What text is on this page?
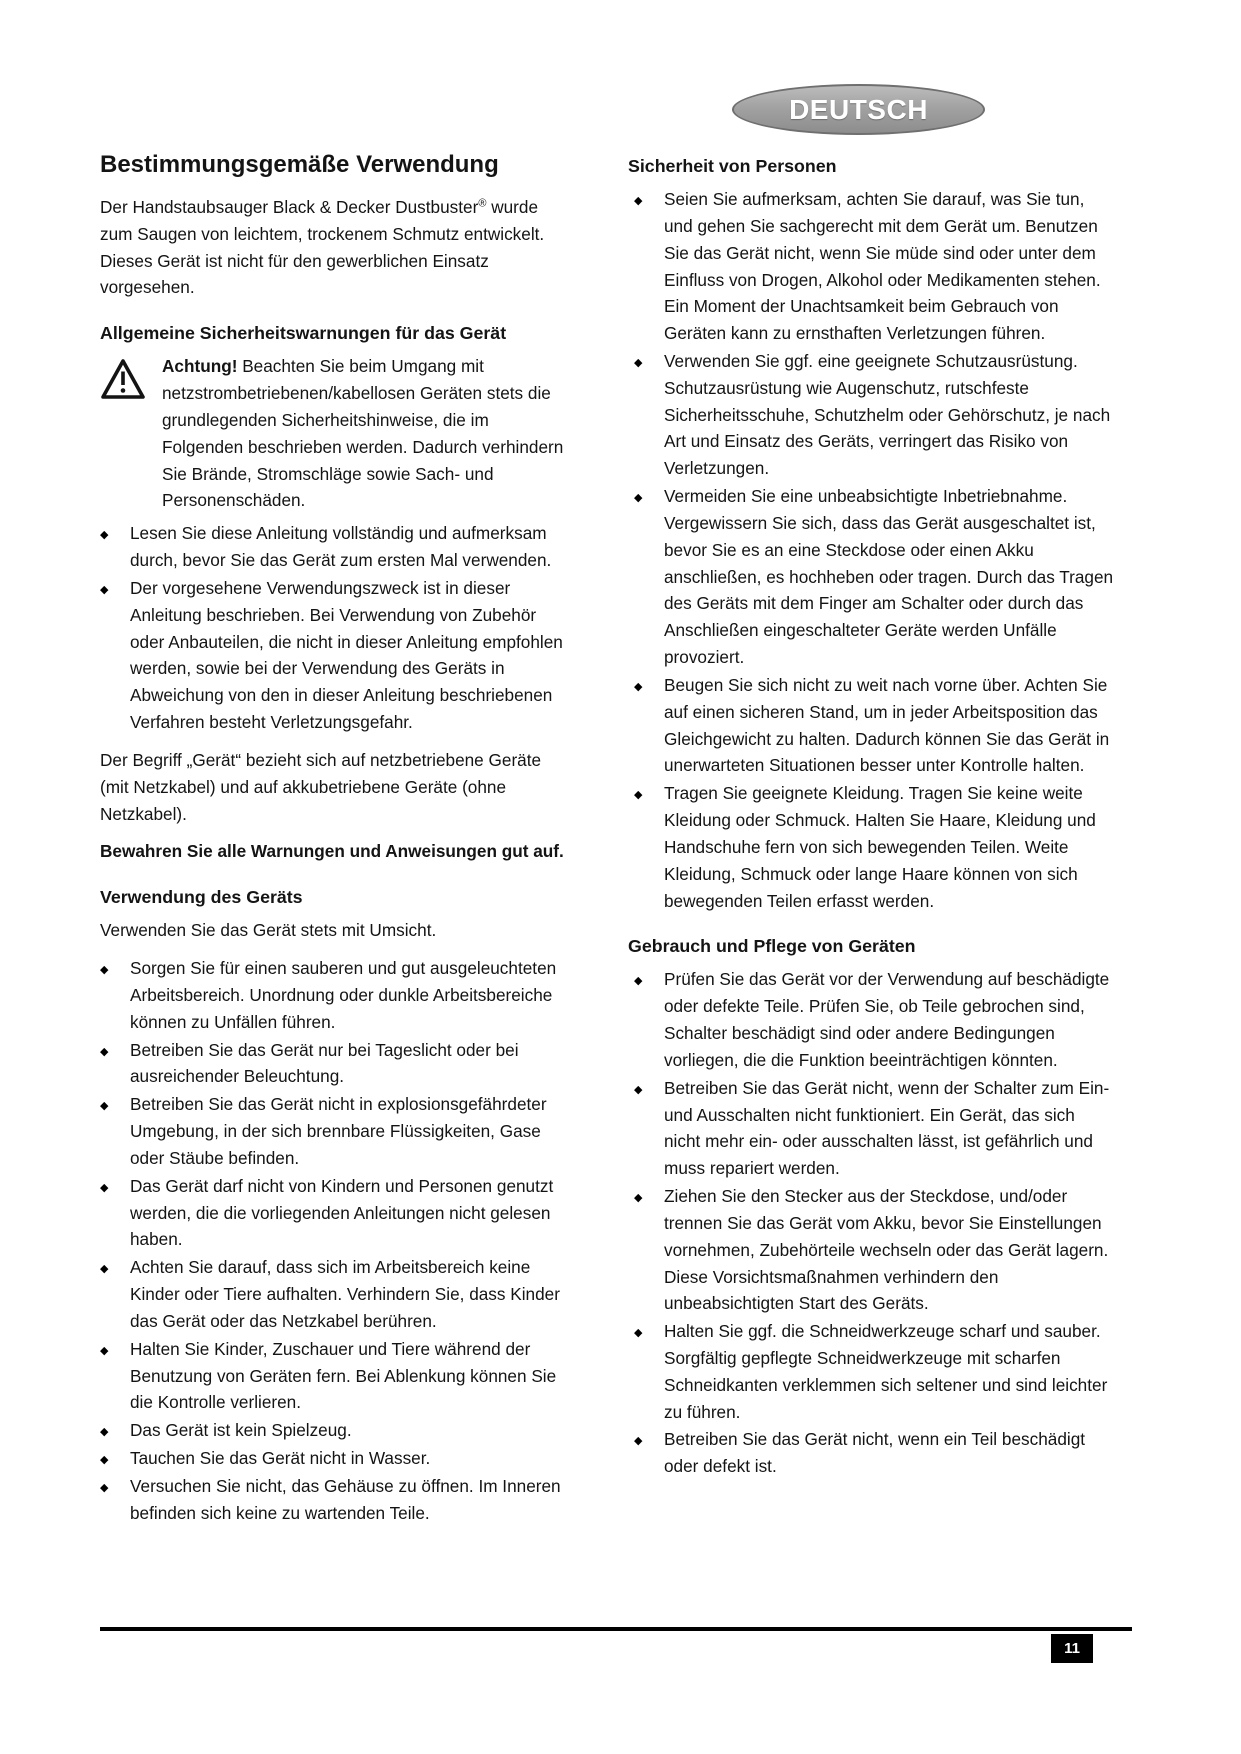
DEUTSCH
Bestimmungsgemäße Verwendung

Der Handstaubsauger Black & Decker Dustbuster® wurde zum Saugen von leichtem, trockenem Schmutz entwickelt. Dieses Gerät ist nicht für den gewerblichen Einsatz vorgesehen.

Allgemeine Sicherheitswarnungen für das Gerät

Achtung! Beachten Sie beim Umgang mit netzstrombetriebenen/kabellosen Geräten stets die grundlegenden Sicherheitshinweise, die im Folgenden beschrieben werden. Dadurch verhindern Sie Brände, Stromschläge sowie Sach- und Personenschäden.

◆	Lesen Sie diese Anleitung vollständig und aufmerksam durch, bevor Sie das Gerät zum ersten Mal verwenden.
◆	Der vorgesehene Verwendungszweck ist in dieser Anleitung beschrieben. Bei Verwendung von Zubehör oder Anbauteilen, die nicht in dieser Anleitung empfohlen werden, sowie bei der Verwendung des Geräts in Abweichung von den in dieser Anleitung beschriebenen Verfahren besteht Verletzungsgefahr.

Der Begriff „Gerät“ bezieht sich auf netzbetriebene Geräte (mit Netzkabel) und auf akkubetriebene Geräte (ohne Netzkabel).

Bewahren Sie alle Warnungen und Anweisungen gut auf.

Verwendung des Geräts

Verwenden Sie das Gerät stets mit Umsicht.

◆	Sorgen Sie für einen sauberen und gut ausgeleuchteten Arbeitsbereich. Unordnung oder dunkle Arbeitsbereiche können zu Unfällen führen.
◆	Betreiben Sie das Gerät nur bei Tageslicht oder bei ausreichender Beleuchtung.
◆	Betreiben Sie das Gerät nicht in explosionsgefährdeter Umgebung, in der sich brennbare Flüssigkeiten, Gase oder Stäube befinden.
◆	Das Gerät darf nicht von Kindern und Personen genutzt werden, die die vorliegenden Anleitungen nicht gelesen haben.
◆	Achten Sie darauf, dass sich im Arbeitsbereich keine Kinder oder Tiere aufhalten. Verhindern Sie, dass Kinder das Gerät oder das Netzkabel berühren.
◆	Halten Sie Kinder, Zuschauer und Tiere während der Benutzung von Geräten fern. Bei Ablenkung können Sie die Kontrolle verlieren.
◆	Das Gerät ist kein Spielzeug.
◆	Tauchen Sie das Gerät nicht in Wasser.
◆	Versuchen Sie nicht, das Gehäuse zu öffnen. Im Inneren befinden sich keine zu wartenden Teile.
Sicherheit von Personen
◆	Seien Sie aufmerksam, achten Sie darauf, was Sie tun, und gehen Sie sachgerecht mit dem Gerät um. Benutzen Sie das Gerät nicht, wenn Sie müde sind oder unter dem Einfluss von Drogen, Alkohol oder Medikamenten stehen. Ein Moment der Unachtsamkeit beim Gebrauch von Geräten kann zu ernsthaften Verletzungen führen.
◆	Verwenden Sie ggf. eine geeignete Schutzausrüstung. Schutzausrüstung wie Augenschutz, rutschfeste Sicherheitsschuhe, Schutzhelm oder Gehörschutz, je nach Art und Einsatz des Geräts, verringert das Risiko von Verletzungen.
◆	Vermeiden Sie eine unbeabsichtigte Inbetriebnahme. Vergewissern Sie sich, dass das Gerät ausgeschaltet ist, bevor Sie es an eine Steckdose oder einen Akku anschließen, es hochheben oder tragen. Durch das Tragen des Geräts mit dem Finger am Schalter oder durch das Anschließen eingeschalteter Geräte werden Unfälle provoziert.
◆	Beugen Sie sich nicht zu weit nach vorne über. Achten Sie auf einen sicheren Stand, um in jeder Arbeitsposition das Gleichgewicht zu halten. Dadurch können Sie das Gerät in unerwarteten Situationen besser unter Kontrolle halten.
◆	Tragen Sie geeignete Kleidung. Tragen Sie keine weite Kleidung oder Schmuck. Halten Sie Haare, Kleidung und Handschuhe fern von sich bewegenden Teilen. Weite Kleidung, Schmuck oder lange Haare können von sich bewegenden Teilen erfasst werden.
Gebrauch und Pflege von Geräten
◆	Prüfen Sie das Gerät vor der Verwendung auf beschädigte oder defekte Teile. Prüfen Sie, ob Teile gebrochen sind, Schalter beschädigt sind oder andere Bedingungen vorliegen, die die Funktion beeinträchtigen könnten.
◆	Betreiben Sie das Gerät nicht, wenn der Schalter zum Ein- und Ausschalten nicht funktioniert. Ein Gerät, das sich nicht mehr ein- oder ausschalten lässt, ist gefährlich und muss repariert werden.
◆	Ziehen Sie den Stecker aus der Steckdose, und/oder trennen Sie das Gerät vom Akku, bevor Sie Einstellungen vornehmen, Zubehörteile wechseln oder das Gerät lagern. Diese Vorsichtsmaßnahmen verhindern den unbeabsichtigten Start des Geräts.
◆	Halten Sie ggf. die Schneidwerkzeuge scharf und sauber. Sorgfältig gepflegte Schneidwerkzeuge mit scharfen Schneidkanten verklemmen sich seltener und sind leichter zu führen.
◆	Betreiben Sie das Gerät nicht, wenn ein Teil beschädigt oder defekt ist.
11
